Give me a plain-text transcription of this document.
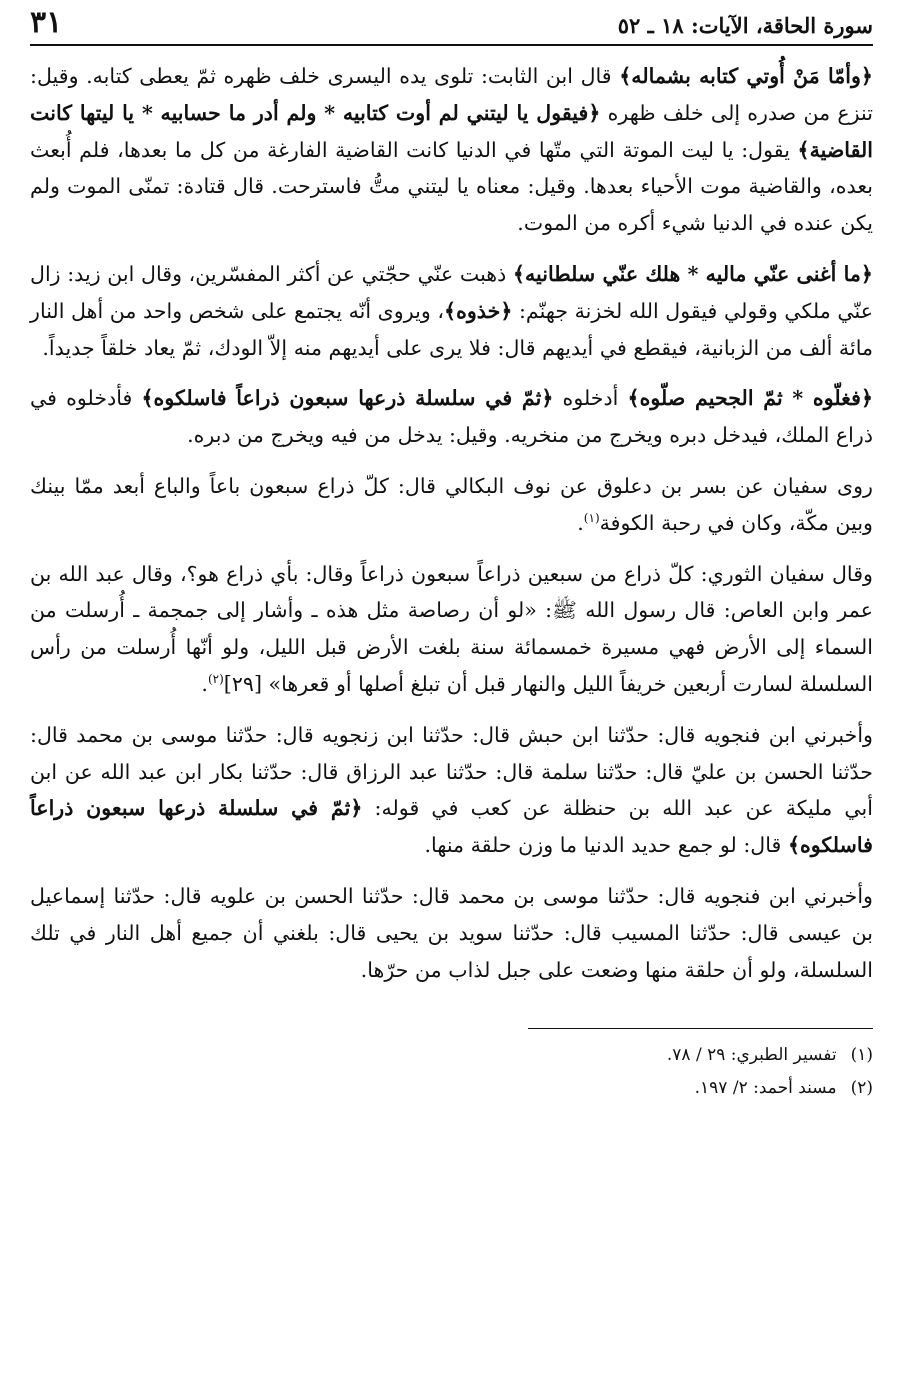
سورة الحاقة، الآيات: ١٨ ـ ٥٢
٣١
﴿وأمّا مَنْ أُوتي كتابه بشماله﴾ قال ابن الثابت: تلوى يده اليسرى خلف ظهره ثمّ يعطى كتابه. وقيل: تنزع من صدره إلى خلف ظهره ﴿فيقول يا ليتني لم أوت كتابيه * ولم أدر ما حسابيه * يا ليتها كانت القاضية﴾ يقول: يا ليت الموتة التي متّها في الدنيا كانت القاضية الفارغة من كل ما بعدها، فلم أُبعث بعده، والقاضية موت الأحياء بعدها. وقيل: معناه يا ليتني متُّ فاسترحت. قال قتادة: تمنّى الموت ولم يكن عنده في الدنيا شيء أكره من الموت.
﴿ما أغنى عنّي ماليه * هلك عنّي سلطانيه﴾ ذهبت عنّي حجّتي عن أكثر المفسّرين، وقال ابن زيد: زال عنّي ملكي وقولي فيقول الله لخزنة جهنّم: ﴿خذوه﴾، ويروى أنّه يجتمع على شخص واحد من أهل النار مائة ألف من الزبانية، فيقطع في أيديهم قال: فلا يرى على أيديهم منه إلاّ الودك، ثمّ يعاد خلقاً جديداً.
﴿فغلّوه * ثمّ الجحيم صلّوه﴾ أدخلوه ﴿ثمّ في سلسلة ذرعها سبعون ذراعاً فاسلكوه﴾ فأدخلوه في ذراع الملك، فيدخل دبره ويخرج من منخريه. وقيل: يدخل من فيه ويخرج من دبره.
روى سفيان عن بسر بن دعلوق عن نوف البكالي قال: كلّ ذراع سبعون باعاً والباع أبعد ممّا بينك وبين مكّة، وكان في رحبة الكوفة$^{(١)}$.
وقال سفيان الثوري: كلّ ذراع من سبعين ذراعاً سبعون ذراعاً وقال: بأي ذراع هو؟، وقال عبد الله بن عمر وابن العاص: قال رسول الله ﷺ: «لو أن رصاصة مثل هذه ـ وأشار إلى جمجمة ـ أُرسلت من السماء إلى الأرض فهي مسيرة خمسمائة سنة بلغت الأرض قبل الليل، ولو أنّها أُرسلت من رأس السلسلة لسارت أربعين خريفاً الليل والنهار قبل أن تبلغ أصلها أو قعرها» [٢٩]$^{(٢)}$.
وأخبرني ابن فنجويه قال: حدّثنا ابن حبش قال: حدّثنا ابن زنجويه قال: حدّثنا موسى بن محمد قال: حدّثنا الحسن بن عليّ قال: حدّثنا سلمة قال: حدّثنا عبد الرزاق قال: حدّثنا بكار ابن عبد الله عن ابن أبي مليكة عن عبد الله بن حنظلة عن كعب في قوله: ﴿ثمّ في سلسلة ذرعها سبعون ذراعاً فاسلكوه﴾ قال: لو جمع حديد الدنيا ما وزن حلقة منها.
وأخبرني ابن فنجويه قال: حدّثنا موسى بن محمد قال: حدّثنا الحسن بن علويه قال: حدّثنا إسماعيل بن عيسى قال: حدّثنا المسيب قال: حدّثنا سويد بن يحيى قال: بلغني أن جميع أهل النار في تلك السلسلة، ولو أن حلقة منها وضعت على جبل لذاب من حرّها.
(١)
تفسير الطبري: ٢٩ / ٧٨.
(٢)
مسند أحمد: ٢/ ١٩٧.
